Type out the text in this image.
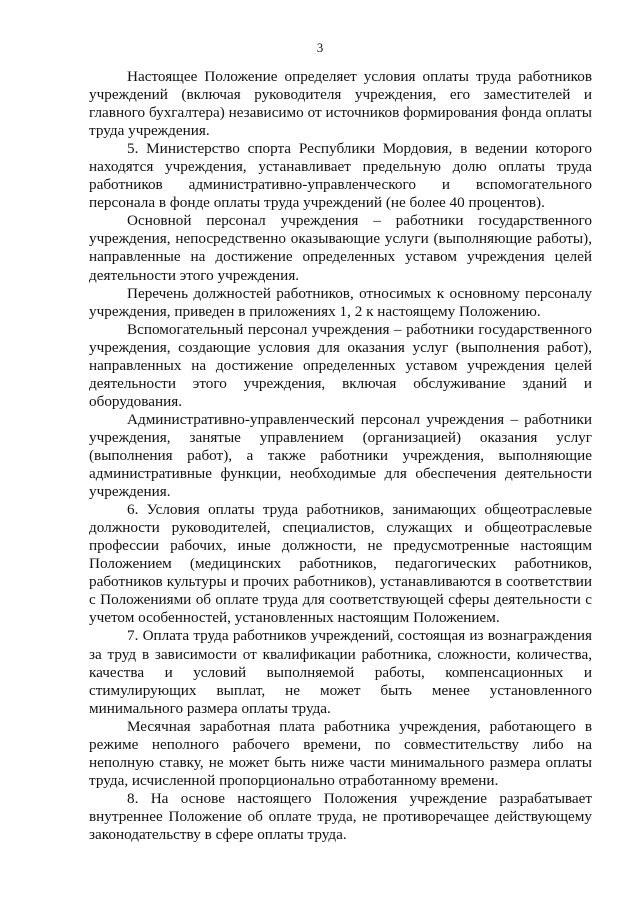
3

Настоящее Положение определяет условия оплаты труда работников учреждений (включая руководителя учреждения, его заместителей и главного бухгалтера) независимо от источников формирования фонда оплаты труда учреждения.

5. Министерство спорта Республики Мордовия, в ведении которого находятся учреждения, устанавливает предельную долю оплаты труда работников административно-управленческого и вспомогательного персонала в фонде оплаты труда учреждений (не более 40 процентов).

Основной персонал учреждения – работники государственного учреждения, непосредственно оказывающие услуги (выполняющие работы), направленные на достижение определенных уставом учреждения целей деятельности этого учреждения.

Перечень должностей работников, относимых к основному персоналу учреждения, приведен в приложениях 1, 2 к настоящему Положению.

Вспомогательный персонал учреждения – работники государственного учреждения, создающие условия для оказания услуг (выполнения работ), направленных на достижение определенных уставом учреждения целей деятельности этого учреждения, включая обслуживание зданий и оборудования.

Административно-управленческий персонал учреждения – работники учреждения, занятые управлением (организацией) оказания услуг (выполнения работ), а также работники учреждения, выполняющие административные функции, необходимые для обеспечения деятельности учреждения.

6. Условия оплаты труда работников, занимающих общеотраслевые должности руководителей, специалистов, служащих и общеотраслевые профессии рабочих, иные должности, не предусмотренные настоящим Положением (медицинских работников, педагогических работников, работников культуры и прочих работников), устанавливаются в соответствии с Положениями об оплате труда для соответствующей сферы деятельности с учетом особенностей, установленных настоящим Положением.

7. Оплата труда работников учреждений, состоящая из вознаграждения за труд в зависимости от квалификации работника, сложности, количества, качества и условий выполняемой работы, компенсационных и стимулирующих выплат, не может быть менее установленного минимального размера оплаты труда.

Месячная заработная плата работника учреждения, работающего в режиме неполного рабочего времени, по совместительству либо на неполную ставку, не может быть ниже части минимального размера оплаты труда, исчисленной пропорционально отработанному времени.

8. На основе настоящего Положения учреждение разрабатывает внутреннее Положение об оплате труда, не противоречащее действующему законодательству в сфере оплаты труда.
